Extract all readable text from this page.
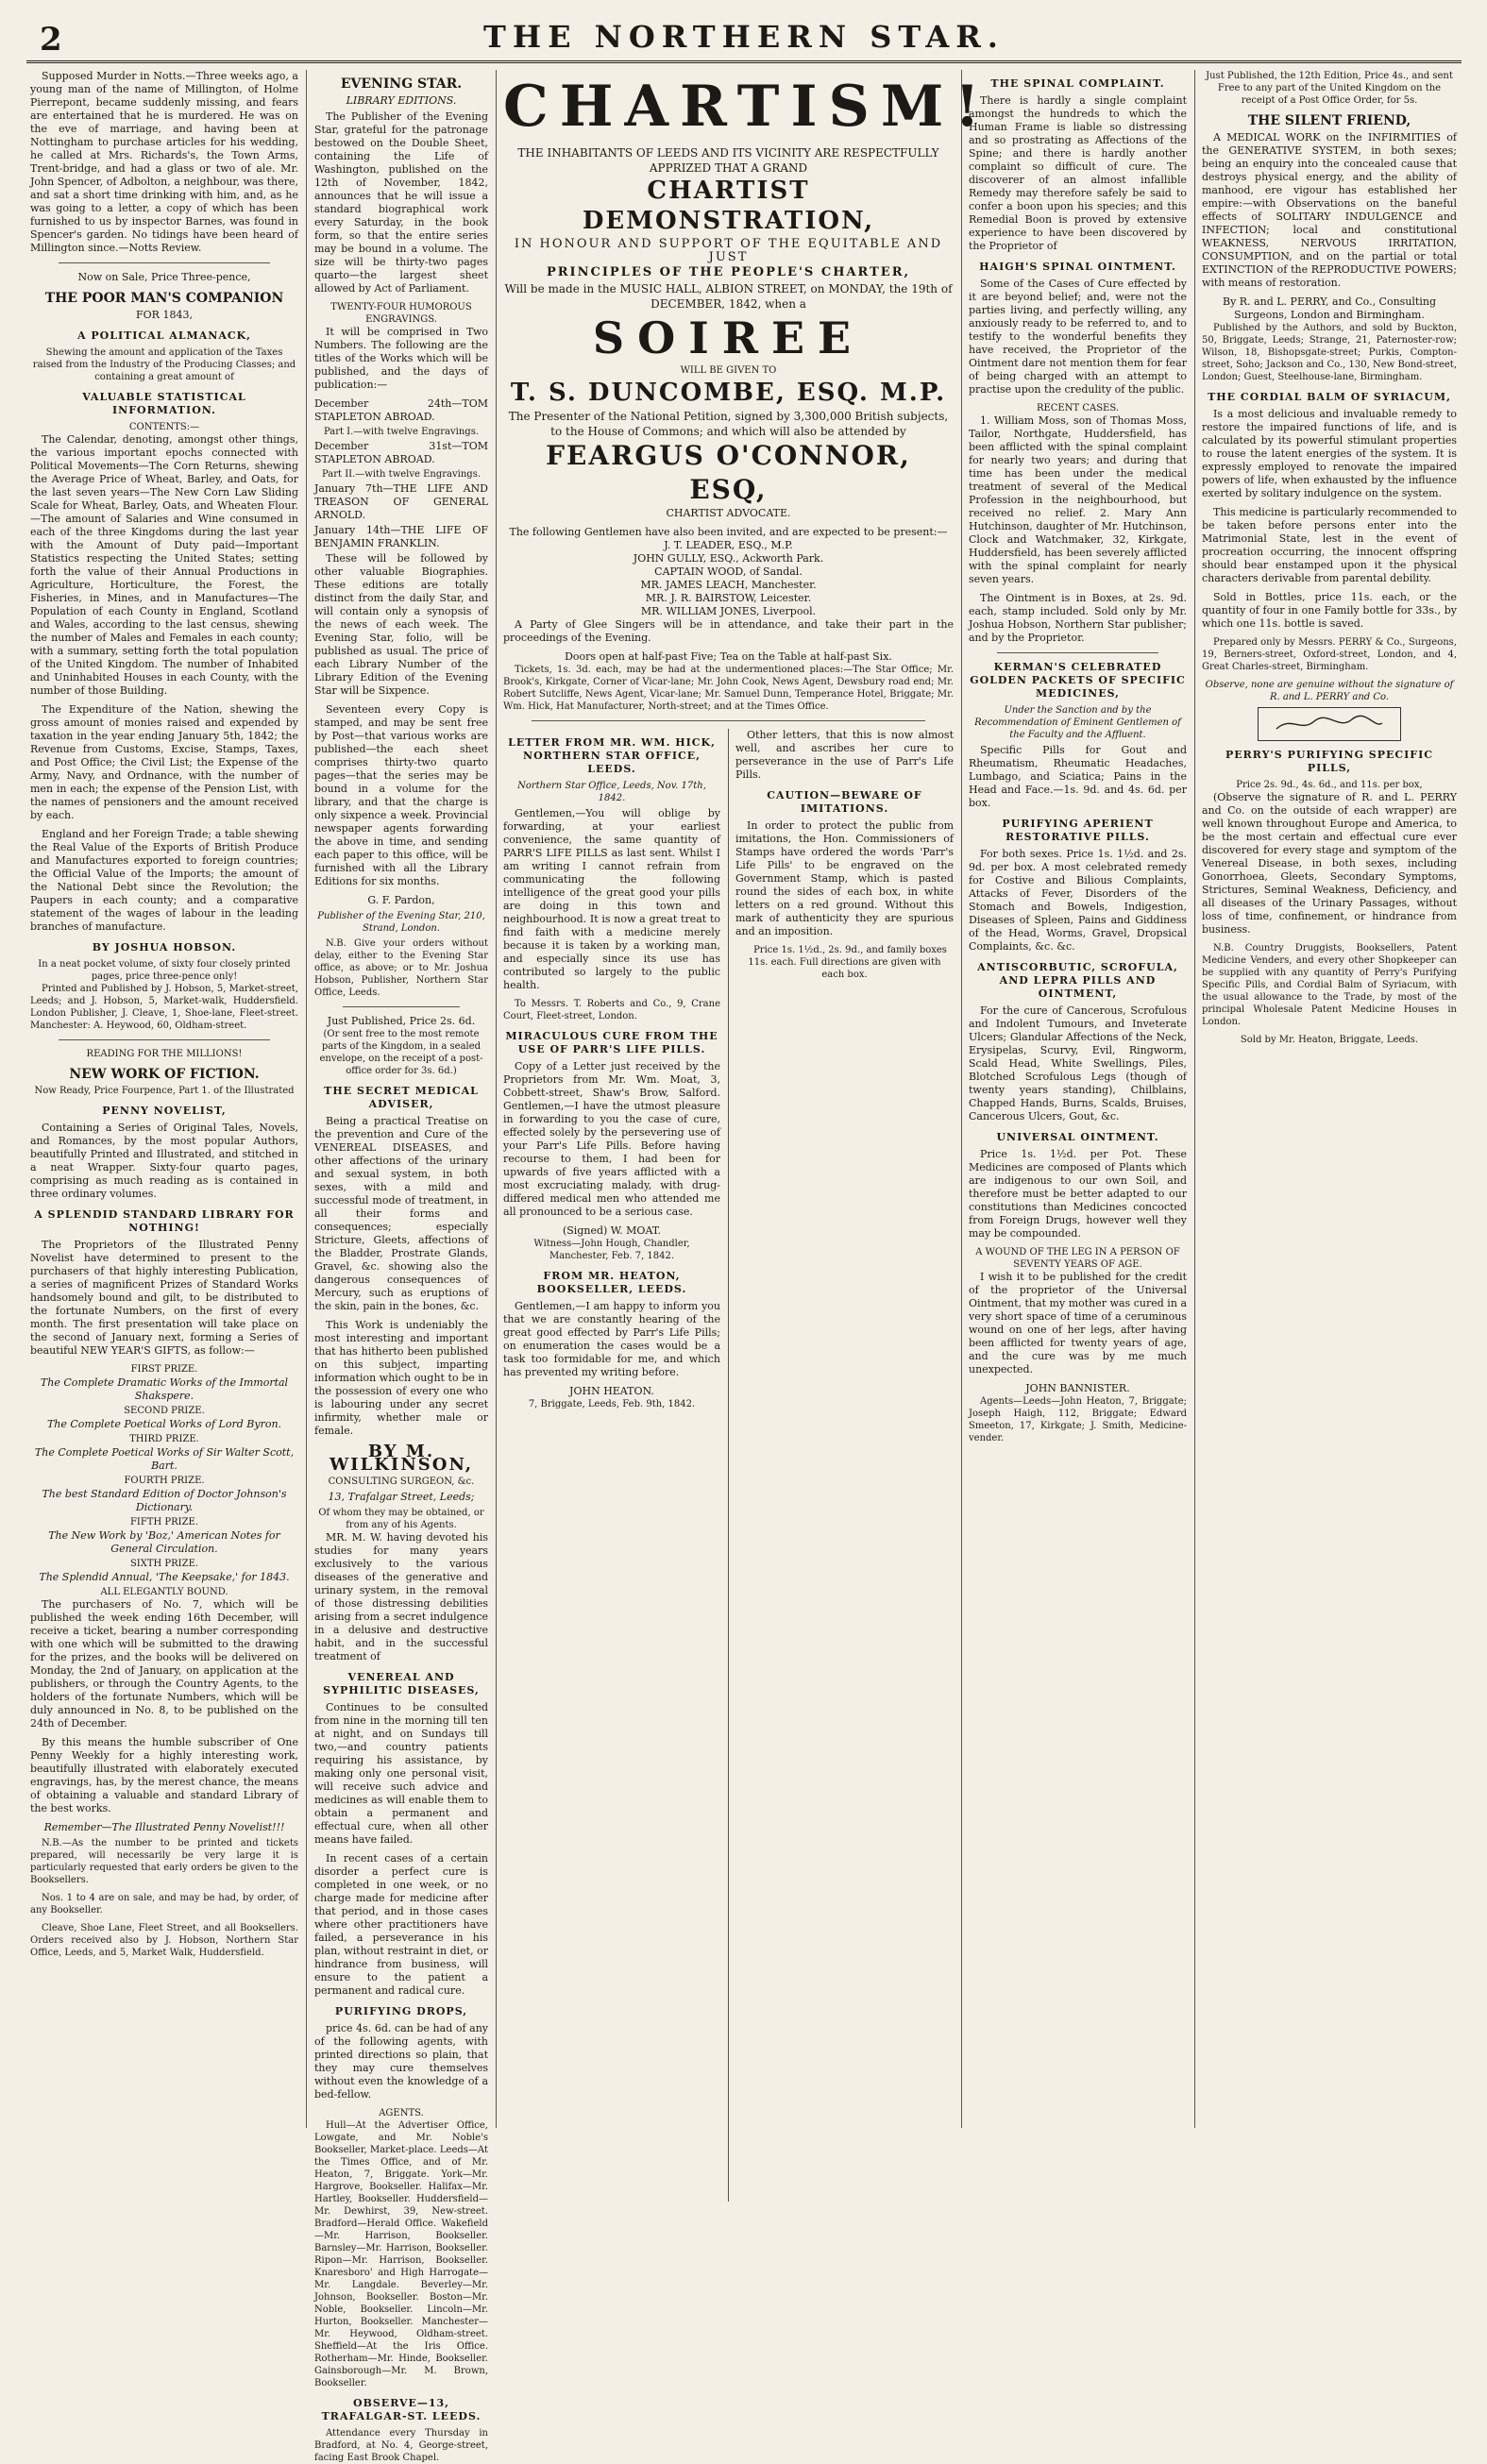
2	THE NORTHERN STAR.

Supposed Murder in Notts.—Three weeks ago, a young man of the name of Millington, of Holme Pierrepont, became suddenly missing, and fears are entertained that he is murdered. He was on the eve of marriage, and having been at Nottingham to purchase articles for his wedding, he called at Mrs. Richards's, the Town Arms, Trent-bridge, and had a glass or two of ale. Mr. John Spencer, of Adbolton, a neighbour, was there, and sat a short time drinking with him, and, as he was going to a letter, a copy of which has been furnished to us by inspector Barnes, was found in Spencer's garden. No tidings have been heard of Millington since.—Notts Review.

Now on Sale, Price Three-pence,
THE POOR MAN'S COMPANION
FOR 1843,
A POLITICAL ALMANACK,
Shewing the amount and application of the Taxes raised from the Industry of the Producing Classes; and containing a great amount of
VALUABLE STATISTICAL INFORMATION.
CONTENTS:—

The Calendar, denoting, amongst other things, the various important epochs connected with Political Movements—The Corn Returns, shewing the Average Price of Wheat, Barley, and Oats, for the last seven years—The New Corn Law Sliding Scale for Wheat, Barley, Oats, and Wheaten Flour.—The amount of Salaries and Wine consumed in each of the three Kingdoms during the last year with the Amount of Duty paid—Important Statistics respecting the United States; setting forth the value of their Annual Productions in Agriculture, Horticulture, the Forest, the Fisheries, in Mines, and in Manufactures—The Population of each County in England, Scotland and Wales, according to the last census, shewing the number of Males and Females in each county; with a summary, setting forth the total population of the United Kingdom. The number of Inhabited and Uninhabited Houses in each County, with the number of those Building.

The Expenditure of the Nation, shewing the gross amount of monies raised and expended by taxation in the year ending January 5th, 1842; the Revenue from Customs, Excise, Stamps, Taxes, and Post Office; the Civil List; the Expense of the Army, Navy, and Ordnance, with the number of men in each; the expense of the Pension List, with the names of pensioners and the amount received by each.

England and her Foreign Trade; a table shewing the Real Value of the Exports of British Produce and Manufactures exported to foreign countries; the Official Value of the Imports; the amount of the National Debt since the Revolution; the Paupers in each county; and a comparative statement of the wages of labour in the leading branches of manufacture.

BY JOSHUA HOBSON.
In a neat pocket volume, of sixty four closely printed pages, price three-pence only!

Printed and Published by J. Hobson, 5, Market-street, Leeds; and J. Hobson, 5, Market-walk, Huddersfield. London Publisher, J. Cleave, 1, Shoe-lane, Fleet-street. Manchester: A. Heywood, 60, Oldham-street.

READING FOR THE MILLIONS!
NEW WORK OF FICTION.
Now Ready, Price Fourpence, Part 1. of the Illustrated
PENNY NOVELIST,

Containing a Series of Original Tales, Novels, and Romances, by the most popular Authors, beautifully Printed and Illustrated, and stitched in a neat Wrapper. Sixty-four quarto pages, comprising as much reading as is contained in three ordinary volumes.

A SPLENDID STANDARD LIBRARY FOR NOTHING!

The Proprietors of the Illustrated Penny Novelist have determined to present to the purchasers of that highly interesting Publication, a series of magnificent Prizes of Standard Works handsomely bound and gilt, to be distributed to the fortunate Numbers, on the first of every month. The first presentation will take place on the second of January next, forming a Series of beautiful NEW YEAR'S GIFTS, as follow:—

FIRST PRIZE.
The Complete Dramatic Works of the Immortal Shakspere.
SECOND PRIZE.
The Complete Poetical Works of Lord Byron.
THIRD PRIZE.
The Complete Poetical Works of Sir Walter Scott, Bart.
FOURTH PRIZE.
The best Standard Edition of Doctor Johnson's Dictionary.
FIFTH PRIZE.
The New Work by 'Boz,' American Notes for General Circulation.
SIXTH PRIZE.
The Splendid Annual, 'The Keepsake,' for 1843.
ALL ELEGANTLY BOUND.

The purchasers of No. 7, which will be published the week ending 16th December, will receive a ticket, bearing a number corresponding with one which will be submitted to the drawing for the prizes, and the books will be delivered on Monday, the 2nd of January, on application at the publishers, or through the Country Agents, to the holders of the fortunate Numbers, which will be duly announced in No. 8, to be published on the 24th of December.

By this means the humble subscriber of One Penny Weekly for a highly interesting work, beautifully illustrated with elaborately executed engravings, has, by the merest chance, the means of obtaining a valuable and standard Library of the best works.

Remember—The Illustrated Penny Novelist!!!

N.B.—As the number to be printed and tickets prepared, will necessarily be very large it is particularly requested that early orders be given to the Booksellers.

Nos. 1 to 4 are on sale, and may be had, by order, of any Bookseller.

Cleave, Shoe Lane, Fleet Street, and all Booksellers. Orders received also by J. Hobson, Northern Star Office, Leeds, and 5, Market Walk, Huddersfield.

EVENING STAR.
LIBRARY EDITIONS.

The Publisher of the Evening Star, grateful for the patronage bestowed on the Double Sheet, containing the Life of Washington, published on the 12th of November, 1842, announces that he will issue a standard biographical work every Saturday, in the book form, so that the entire series may be bound in a volume. The size will be thirty-two pages quarto—the largest sheet allowed by Act of Parliament.

TWENTY-FOUR HUMOROUS ENGRAVINGS.

It will be comprised in Two Numbers. The following are the titles of the Works which will be published, and the days of publication:—

December 24th—TOM STAPLETON ABROAD.

Part I.—with twelve Engravings.

December 31st—TOM STAPLETON ABROAD.

Part II.—with twelve Engravings.

January 7th—THE LIFE AND TREASON OF GENERAL ARNOLD.

January 14th—THE LIFE OF BENJAMIN FRANKLIN.

These will be followed by other valuable Biographies. These editions are totally distinct from the daily Star, and will contain only a synopsis of the news of each week. The Evening Star, folio, will be published as usual. The price of each Library Number of the Library Edition of the Evening Star will be Sixpence.

Seventeen every Copy is stamped, and may be sent free by Post—that various works are published—the each sheet comprises thirty-two quarto pages—that the series may be bound in a volume for the library, and that the charge is only sixpence a week. Provincial newspaper agents forwarding the above in time, and sending each paper to this office, will be furnished with all the Library Editions for six months.

G. F. Pardon,
Publisher of the Evening Star, 210, Strand, London.

N.B. Give your orders without delay, either to the Evening Star office, as above; or to Mr. Joshua Hobson, Publisher, Northern Star Office, Leeds.

Just Published, Price 2s. 6d.
(Or sent free to the most remote parts of the Kingdom, in a sealed envelope, on the receipt of a post-office order for 3s. 6d.)
THE SECRET MEDICAL ADVISER,

Being a practical Treatise on the prevention and Cure of the VENEREAL DISEASES, and other affections of the urinary and sexual system, in both sexes, with a mild and successful mode of treatment, in all their forms and consequences; especially Stricture, Gleets, affections of the Bladder, Prostrate Glands, Gravel, &c. showing also the dangerous consequences of Mercury, such as eruptions of the skin, pain in the bones, &c.

This Work is undeniably the most interesting and important that has hitherto been published on this subject, imparting information which ought to be in the possession of every one who is labouring under any secret infirmity, whether male or female.

BY M. WILKINSON,
CONSULTING SURGEON, &c.
13, Trafalgar Street, Leeds;
Of whom they may be obtained, or from any of his Agents.

MR. M. W. having devoted his studies for many years exclusively to the various diseases of the generative and urinary system, in the removal of those distressing debilities arising from a secret indulgence in a delusive and destructive habit, and in the successful treatment of

VENEREAL AND SYPHILITIC DISEASES,

Continues to be consulted from nine in the morning till ten at night, and on Sundays till two,—and country patients requiring his assistance, by making only one personal visit, will receive such advice and medicines as will enable them to obtain a permanent and effectual cure, when all other means have failed.

In recent cases of a certain disorder a perfect cure is completed in one week, or no charge made for medicine after that period, and in those cases where other practitioners have failed, a perseverance in his plan, without restraint in diet, or hindrance from business, will ensure to the patient a permanent and radical cure.

PURIFYING DROPS,

price 4s. 6d. can be had of any of the following agents, with printed directions so plain, that they may cure themselves without even the knowledge of a bed-fellow.

AGENTS.

Hull—At the Advertiser Office, Lowgate, and Mr. Noble's Bookseller, Market-place. Leeds—At the Times Office, and of Mr. Heaton, 7, Briggate. York—Mr. Hargrove, Bookseller. Halifax—Mr. Hartley, Bookseller. Huddersfield—Mr. Dewhirst, 39, New-street. Bradford—Herald Office. Wakefield—Mr. Harrison, Bookseller. Barnsley—Mr. Harrison, Bookseller. Ripon—Mr. Harrison, Bookseller. Knaresboro' and High Harrogate—Mr. Langdale. Beverley—Mr. Johnson, Bookseller. Boston—Mr. Noble, Bookseller. Lincoln—Mr. Hurton, Bookseller. Manchester—Mr. Heywood, Oldham-street. Sheffield—At the Iris Office. Rotherham—Mr. Hinde, Bookseller. Gainsborough—Mr. M. Brown, Bookseller.

OBSERVE—13, TRAFALGAR-ST. LEEDS.

Attendance every Thursday in Bradford, at No. 4, George-street, facing East Brook Chapel.

CHARTISM!
THE INHABITANTS OF LEEDS AND ITS VICINITY ARE RESPECTFULLY APPRIZED THAT A GRAND
CHARTIST DEMONSTRATION,
IN HONOUR AND SUPPORT OF THE EQUITABLE AND JUST
PRINCIPLES OF THE PEOPLE'S CHARTER,
Will be made in the MUSIC HALL, ALBION STREET, on MONDAY, the 19th of DECEMBER, 1842, when a
SOIREE
WILL BE GIVEN TO
T. S. DUNCOMBE, ESQ. M.P.
The Presenter of the National Petition, signed by 3,300,000 British subjects, to the House of Commons; and which will also be attended by
FEARGUS O'CONNOR, ESQ,
CHARTIST ADVOCATE.
The following Gentlemen have also been invited, and are expected to be present:—
J. T. LEADER, ESQ., M.P.
JOHN GULLY, ESQ., Ackworth Park.
CAPTAIN WOOD, of Sandal.
MR. JAMES LEACH, Manchester.
MR. J. R. BAIRSTOW, Leicester.
MR. WILLIAM JONES, Liverpool.

A Party of Glee Singers will be in attendance, and take their part in the proceedings of the Evening.

Doors open at half-past Five; Tea on the Table at half-past Six.

Tickets, 1s. 3d. each, may be had at the undermentioned places:—The Star Office; Mr. Brook's, Kirkgate, Corner of Vicar-lane; Mr. John Cook, News Agent, Dewsbury road end; Mr. Robert Sutcliffe, News Agent, Vicar-lane; Mr. Samuel Dunn, Temperance Hotel, Briggate; Mr. Wm. Hick, Hat Manufacturer, North-street; and at the Times Office.

LETTER FROM MR. WM. HICK, NORTHERN STAR OFFICE, LEEDS.
Northern Star Office, Leeds, Nov. 17th, 1842.

Gentlemen,—You will oblige by forwarding, at your earliest convenience, the same quantity of PARR'S LIFE PILLS as last sent. Whilst I am writing I cannot refrain from communicating the following intelligence of the great good your pills are doing in this town and neighbourhood. It is now a great treat to find faith with a medicine merely because it is taken by a working man, and especially since its use has contributed so largely to the public health.

To Messrs. T. Roberts and Co., 9, Crane Court, Fleet-street, London.

MIRACULOUS CURE FROM THE USE OF PARR'S LIFE PILLS.

Copy of a Letter just received by the Proprietors from Mr. Wm. Moat, 3, Cobbett-street, Shaw's Brow, Salford. Gentlemen,—I have the utmost pleasure in forwarding to you the case of cure, effected solely by the persevering use of your Parr's Life Pills. Before having recourse to them, I had been for upwards of five years afflicted with a most excruciating malady, with drug-differed medical men who attended me all pronounced to be a serious case.

(Signed) W. MOAT.
Witness—John Hough, Chandler, Manchester, Feb. 7, 1842.
FROM MR. HEATON, BOOKSELLER, LEEDS.

Gentlemen,—I am happy to inform you that we are constantly hearing of the great good effected by Parr's Life Pills; on enumeration the cases would be a task too formidable for me, and which has prevented my writing before.

JOHN HEATON.
7, Briggate, Leeds, Feb. 9th, 1842.

Other letters, that this is now almost well, and ascribes her cure to perseverance in the use of Parr's Life Pills.

CAUTION—BEWARE OF IMITATIONS.

In order to protect the public from imitations, the Hon. Commissioners of Stamps have ordered the words 'Parr's Life Pills' to be engraved on the Government Stamp, which is pasted round the sides of each box, in white letters on a red ground. Without this mark of authenticity they are spurious and an imposition.

Price 1s. 1½d., 2s. 9d., and family boxes 11s. each. Full directions are given with each box.

THE SPINAL COMPLAINT.

There is hardly a single complaint amongst the hundreds to which the Human Frame is liable so distressing and so prostrating as Affections of the Spine; and there is hardly another complaint so difficult of cure. The discoverer of an almost infallible Remedy may therefore safely be said to confer a boon upon his species; and this Remedial Boon is proved by extensive experience to have been discovered by the Proprietor of

HAIGH'S SPINAL OINTMENT.

Some of the Cases of Cure effected by it are beyond belief; and, were not the parties living, and perfectly willing, any anxiously ready to be referred to, and to testify to the wonderful benefits they have received, the Proprietor of the Ointment dare not mention them for fear of being charged with an attempt to practise upon the credulity of the public.

RECENT CASES.

1. William Moss, son of Thomas Moss, Tailor, Northgate, Huddersfield, has been afflicted with the spinal complaint for nearly two years; and during that time has been under the medical treatment of several of the Medical Profession in the neighbourhood, but received no relief. 2. Mary Ann Hutchinson, daughter of Mr. Hutchinson, Clock and Watchmaker, 32, Kirkgate, Huddersfield, has been severely afflicted with the spinal complaint for nearly seven years.

The Ointment is in Boxes, at 2s. 9d. each, stamp included. Sold only by Mr. Joshua Hobson, Northern Star publisher; and by the Proprietor.

KERMAN'S CELEBRATED GOLDEN PACKETS OF SPECIFIC MEDICINES,
Under the Sanction and by the Recommendation of Eminent Gentlemen of the Faculty and the Affluent.

Specific Pills for Gout and Rheumatism, Rheumatic Headaches, Lumbago, and Sciatica; Pains in the Head and Face.—1s. 9d. and 4s. 6d. per box.

PURIFYING APERIENT RESTORATIVE PILLS.

For both sexes. Price 1s. 1½d. and 2s. 9d. per box. A most celebrated remedy for Costive and Bilious Complaints, Attacks of Fever, Disorders of the Stomach and Bowels, Indigestion, Diseases of Spleen, Pains and Giddiness of the Head, Worms, Gravel, Dropsical Complaints, &c. &c.

ANTISCORBUTIC, SCROFULA, AND LEPRA PILLS AND OINTMENT,

For the cure of Cancerous, Scrofulous and Indolent Tumours, and Inveterate Ulcers; Glandular Affections of the Neck, Erysipelas, Scurvy, Evil, Ringworm, Scald Head, White Swellings, Piles, Blotched Scrofulous Legs (though of twenty years standing), Chilblains, Chapped Hands, Burns, Scalds, Bruises, Cancerous Ulcers, Gout, &c.

UNIVERSAL OINTMENT.

Price 1s. 1½d. per Pot. These Medicines are composed of Plants which are indigenous to our own Soil, and therefore must be better adapted to our constitutions than Medicines concocted from Foreign Drugs, however well they may be compounded.

A WOUND OF THE LEG IN A PERSON OF SEVENTY YEARS OF AGE.

I wish it to be published for the credit of the proprietor of the Universal Ointment, that my mother was cured in a very short space of time of a ceruminous wound on one of her legs, after having been afflicted for twenty years of age, and the cure was by me much unexpected.

JOHN BANNISTER.

Agents—Leeds—John Heaton, 7, Briggate; Joseph Haigh, 112, Briggate; Edward Smeeton, 17, Kirkgate; J. Smith, Medicine-vender.

Just Published, the 12th Edition, Price 4s., and sent Free to any part of the United Kingdom on the receipt of a Post Office Order, for 5s.
THE SILENT FRIEND,

A MEDICAL WORK on the INFIRMITIES of the GENERATIVE SYSTEM, in both sexes; being an enquiry into the concealed cause that destroys physical energy, and the ability of manhood, ere vigour has established her empire:—with Observations on the baneful effects of SOLITARY INDULGENCE and INFECTION; local and constitutional WEAKNESS, NERVOUS IRRITATION, CONSUMPTION, and on the partial or total EXTINCTION of the REPRODUCTIVE POWERS; with means of restoration.

By R. and L. PERRY, and Co., Consulting Surgeons, London and Birmingham.

Published by the Authors, and sold by Buckton, 50, Briggate, Leeds; Strange, 21, Paternoster-row; Wilson, 18, Bishopsgate-street; Purkis, Compton-street, Soho; Jackson and Co., 130, New Bond-street, London; Guest, Steelhouse-lane, Birmingham.

THE CORDIAL BALM OF SYRIACUM,

Is a most delicious and invaluable remedy to restore the impaired functions of life, and is calculated by its powerful stimulant properties to rouse the latent energies of the system. It is expressly employed to renovate the impaired powers of life, when exhausted by the influence exerted by solitary indulgence on the system.

This medicine is particularly recommended to be taken before persons enter into the Matrimonial State, lest in the event of procreation occurring, the innocent offspring should bear enstamped upon it the physical characters derivable from parental debility.

Sold in Bottles, price 11s. each, or the quantity of four in one Family bottle for 33s., by which one 11s. bottle is saved.

Prepared only by Messrs. PERRY & Co., Surgeons, 19, Berners-street, Oxford-street, London, and 4, Great Charles-street, Birmingham.

Observe, none are genuine without the signature of R. and L. PERRY and Co.
PERRY'S PURIFYING SPECIFIC PILLS,
Price 2s. 9d., 4s. 6d., and 11s. per box,

(Observe the signature of R. and L. PERRY and Co. on the outside of each wrapper) are well known throughout Europe and America, to be the most certain and effectual cure ever discovered for every stage and symptom of the Venereal Disease, in both sexes, including Gonorrhoea, Gleets, Secondary Symptoms, Strictures, Seminal Weakness, Deficiency, and all diseases of the Urinary Passages, without loss of time, confinement, or hindrance from business.

N.B. Country Druggists, Booksellers, Patent Medicine Venders, and every other Shopkeeper can be supplied with any quantity of Perry's Purifying Specific Pills, and Cordial Balm of Syriacum, with the usual allowance to the Trade, by most of the principal Wholesale Patent Medicine Houses in London.

Sold by Mr. Heaton, Briggate, Leeds.
